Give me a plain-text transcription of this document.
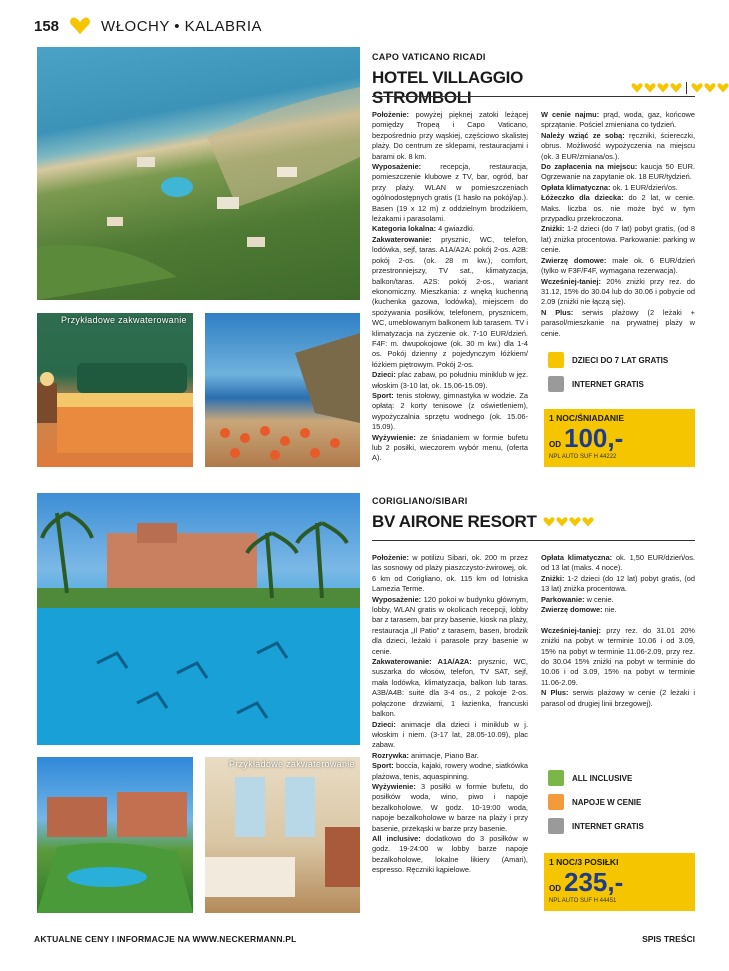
158	WŁOCHY • KALABRIA
Przykładowe zakwaterowanie
CAPO VATICANO RICADI
HOTEL VILLAGGIO STROMBOLI

Położenie: powyżej pięknej zatoki leżącej pomiędzy Tropeą i Capo Vaticano, bezpośrednio przy wąskiej, częściowo skalistej plaży. Do centrum ze sklepami, restauracjami i barami ok. 8 km.

Wyposażenie: recepcja, restauracja, pomieszczenie klubowe z TV, bar, ogród, bar przy plaży. WLAN w pomieszczeniach ogólnodostępnych gratis (1 hasło na pokój/ap.). Basen (19 x 12 m) z oddzielnym brodzikiem, leżakami i parasolami.

Kategoria lokalna: 4 gwiazdki.

Zakwaterowanie: prysznic, WC, telefon, lodówka, sejf, taras. A1A/A2A: pokój 2-os. A2B: pokój 2-os. (ok. 28 m kw.), comfort, przestronniejszy, TV sat., klimatyzacja, balkon/taras. A2S: pokój 2-os., wariant ekonomiczny. Mieszkania: z wnęką kuchenną (kuchenka gazowa, lodówka), miejscem do spożywania posiłków, telefonem, prysznicem, WC, umeblowanym balkonem lub tarasem. TV i klimatyzacja na życzenie ok. 7-10 EUR/dzień. F4F: m. dwupokojowe (ok. 30 m kw.) dla 1-4 os. Pokój dzienny z pojedynczym łóżkiem/łóżkiem piętrowym. Pokój 2-os.

Dzieci: plac zabaw, po południu miniklub w jęz. włoskim (3-10 lat, ok. 15.06-15.09).

Sport: tenis stołowy, gimnastyka w wodzie. Za opłatą: 2 korty tenisowe (z oświetleniem), wypożyczalnia sprzętu wodnego (ok. 15.06-15.09).

Wyżywienie: ze śniadaniem w formie bufetu lub 2 posiłki, wieczorem wybór menu, (oferta A).

W cenie najmu: prąd, woda, gaz, końcowe sprzątanie. Pościel zmieniana co tydzień.

Należy wziąć ze sobą: ręczniki, ściereczki, obrus. Możliwość wypożyczenia na miejscu (ok. 3 EUR/zmiana/os.).

Do zapłacenia na miejscu: kaucja 50 EUR. Ogrzewanie na zapytanie ok. 18 EUR/tydzień.

Opłata klimatyczna: ok. 1 EUR/dzień/os.

Łóżeczko dla dziecka: do 2 lat, w cenie. Maks. liczba os. nie może być w tym przypadku przekroczona.

Zniżki: 1-2 dzieci (do 7 lat) pobyt gratis, (od 8 lat) zniżka procentowa. Parkowanie: parking w cenie.

Zwierzę domowe: małe ok. 6 EUR/dzień (tylko w F3F/F4F, wymagana rezerwacja).

Wcześniej-taniej: 20% zniżki przy rez. do 31.12, 15% do 30.04 lub do 30.06 i pobycie od 2.09 (zniżki nie łączą się).

N Plus: serwis plażowy (2 leżaki + parasol/mieszkanie na prywatnej plaży w cenie.

DZIECI DO 7 LAT GRATIS
INTERNET GRATIS
1 NOC/ŚNIADANIE
OD 100,-
NPL AUTO SUF H 44222
Przykładowe zakwaterowanie
CORIGLIANO/SIBARI
BV AIRONE RESORT

Położenie: w potilizu Sibari, ok. 200 m przez las sosnowy od plaży piaszczysto-żwirowej, ok. 6 km od Corigliano, ok. 115 km od lotniska Lamezia Terme.

Wyposażenie: 120 pokoi w budynku głównym, lobby, WLAN gratis w okolicach recepcji, lobby bar z tarasem, bar przy basenie, kiosk na plaży, restauracja „Il Patio” z tarasem, basen, brodzik dla dzieci, leżaki i parasole przy basenie w cenie.

Zakwaterowanie: A1A/A2A: prysznic, WC, suszarka do włosów, telefon, TV SAT, sejf, mała lodówka, klimatyzacja, balkon lub taras. A3B/A4B: suite dla 3-4 os., 2 pokoje 2-os. połączone drzwiami, 1 łazienka, francuski balkon.

Dzieci: animacje dla dzieci i miniklub w j. włoskim i niem. (3-17 lat, 28.05-10.09), plac zabaw.

Rozrywka: animacje, Piano Bar.

Sport: boccia, kajaki, rowery wodne, siatkówka plażowa, tenis, aquaspinning.

Wyżywienie: 3 posiłki w formie bufetu, do posiłków woda, wino, piwo i napoje bezalkoholowe. W godz. 10-19:00 woda, napoje bezalkoholowe w barze na plaży i przy basenie, przekąski w barze przy basenie.

All inclusive: dodatkowo do 3 posiłków w godz. 19-24:00 w lobby barze napoje bezalkoholowe, lokalne likiery (Amari), espresso. Ręczniki kąpielowe.

Opłata klimatyczna: ok. 1,50 EUR/dzień/os. od 13 lat (maks. 4 noce).

Zniżki: 1-2 dzieci (do 12 lat) pobyt gratis, (od 13 lat) zniżka procentowa.

Parkowanie: w cenie.

Zwierzę domowe: nie.

Wcześniej-taniej: przy rez. do 31.01 20% zniżki na pobyt w terminie 10.06 i od 3.09, 15% na pobyt w terminie 11.06-2.09, przy rez. do 30.04 15% zniżki na pobyt w terminie do 10.06 i od 3.09, 15% na pobyt w terminie 11.06-2.09.

N Plus: serwis plażowy w cenie (2 leżaki i parasol od drugiej linii brzegowej).

ALL INCLUSIVE
NAPOJE W CENIE
INTERNET GRATIS
1 NOC/3 POSIŁKI
OD 235,-
NPL AUTO SUF H 44451
AKTUALNE CENY I INFORMACJE NA WWW.NECKERMANN.PL	SPIS TREŚCI
